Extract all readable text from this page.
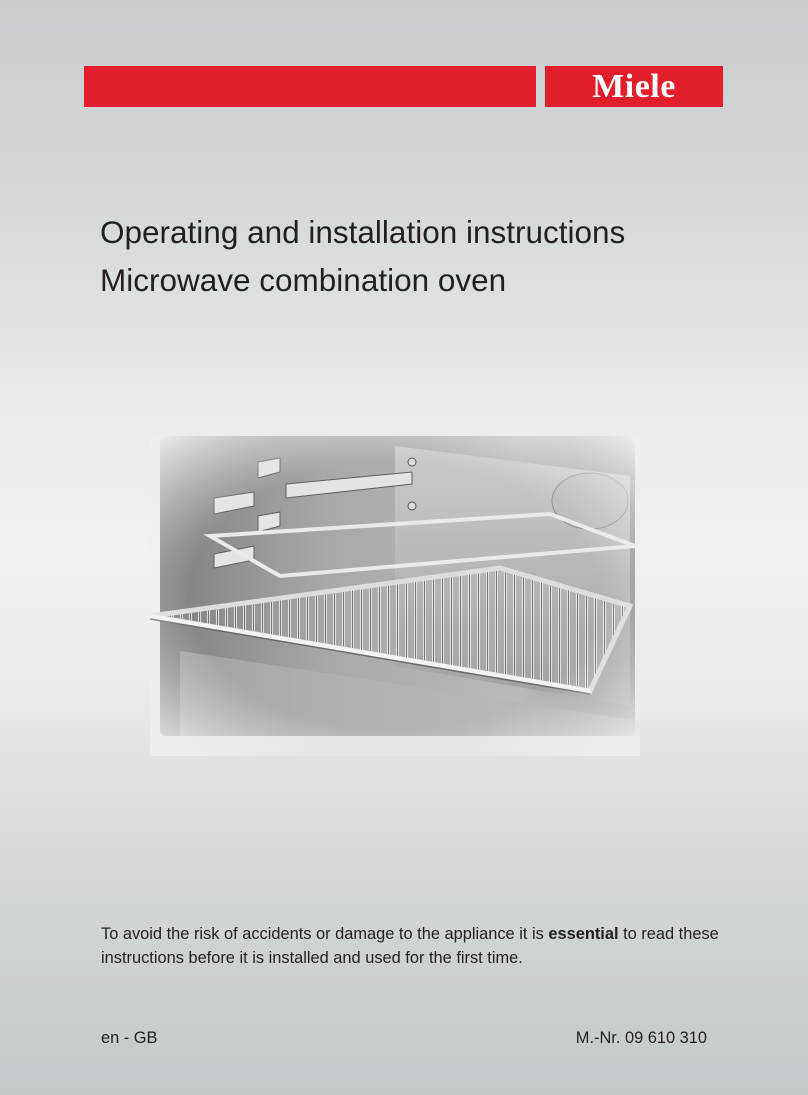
Miele
Operating and installation instructions
Microwave combination oven

To avoid the risk of accidents or damage to the appliance it is essential to read these instructions before it is installed and used for the first time.

en - GB	M.-Nr. 09 610 310
